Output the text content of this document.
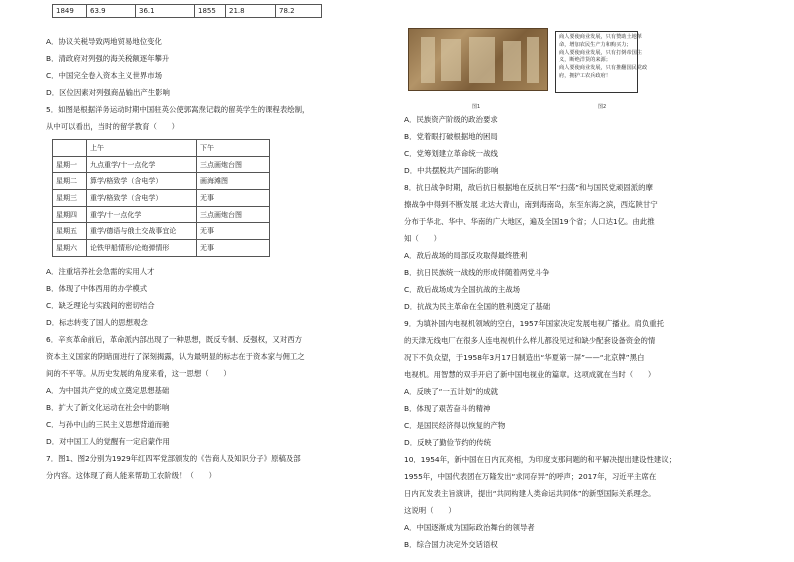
1849	63.9	36.1	1855	21.8	78.2
A．协议关税导致两地贸易地位变化
B．清政府对列强的海关税额逐年攀升
C．中国完全卷入资本主义世界市场
D．区位因素对列强商品输出产生影响
5．如图是根据洋务运动时期中国驻英公使郭嵩焘记载的留英学生的课程表绘制，
从中可以看出，当时的留学教育（　　）
A．注重培养社会急需的实用人才
B．体现了中体西用的办学模式
C．缺乏理论与实践间的密切结合
D．标志转变了国人的思想观念
6．辛亥革命前后，革命派内部出现了一种思想，既反专制、反强权，又对西方
资本主义国家的阴暗面进行了深刻揭露，认为最明显的标志在于资本家与佣工之
间的不平等。从历史发展的角度来看，这一思想（　　）
A．为中国共产党的成立奠定思想基础
B．扩大了新文化运动在社会中的影响
C．与孙中山的三民主义思想背道而驰
D．对中国工人的觉醒有一定启蒙作用
7．图1、图2分别为1929年红四军党部颁发的《告商人及知识分子》原稿及部
分内容。这体现了商人能来帮助工农阶级！（　　）
	上午	下午
星期一	九点重学/十一点化学	三点画炮台图
星期二	算学/格致学（含电学）	画海滩图
星期三	重学/格致学（含电学）	无事
星期四	重学/十一点化学	三点画炮台图
星期五	重学/德语与俄土交战事宜论	无事
星期六	论铁甲船情形/论炮弹情形	无事
图1
商人要使商业发展，只有赞助土地革
命，增加农民生产力和购买力；
商人要使商业发展，只有打倒帝国主
义，断绝洋货的来源；
商人要使商业发展，只有推翻国民党政
府，拥护工农兵政府！
图2
A．民族资产阶级的政治要求
B．党着眼打破根据地的困局
C．党筹划建立革命统一战线
D．中共摆脱共产国际的影响
8．抗日战争时期，敌后抗日根据地在反抗日军“扫荡”和与国民党顽固派的摩
擦战争中得到不断发展 北达大青山，南到海南岛，东至东海之滨，西迄陕甘宁
分布于华北、华中、华南的广大地区，遍及全国19个省；人口达1亿。由此推
知（　　）
A．敌后战场的局部反攻取得最终胜利
B．抗日民族统一战线的形成伴随着两党斗争
C．敌后战场成为全国抗战的主战场
D．抗战为民主革命在全国的胜利奠定了基础
9．为填补国内电视机领域的空白，1957年国家决定发展电视广播业。肩负重托
的天津无线电厂在很多人连电视机什么样儿都没见过和缺少配套设备资金的情
况下不负众望，于1958年3月17日制造出“华夏第一屏”——“北京牌”黑白
电视机。用智慧的双手开启了新中国电视业的篇章。这项成就在当时（　　）
A．反映了“一五计划”的成就
B．体现了艰苦奋斗的精神
C．是国民经济得以恢复的产物
D．反映了勤俭节约的传统
10．1954年，新中国在日内瓦亮相，为印度支那问题的和平解决提出建设性建议；
1955年，中国代表团在万隆发出“求同存异”的呼声；2017年，习近平主席在
日内瓦发表主旨演讲，提出“共同构建人类命运共同体”的新型国际关系理念。
这说明（　　）
A．中国逐渐成为国际政治舞台的领导者
B．综合国力决定外交话语权
